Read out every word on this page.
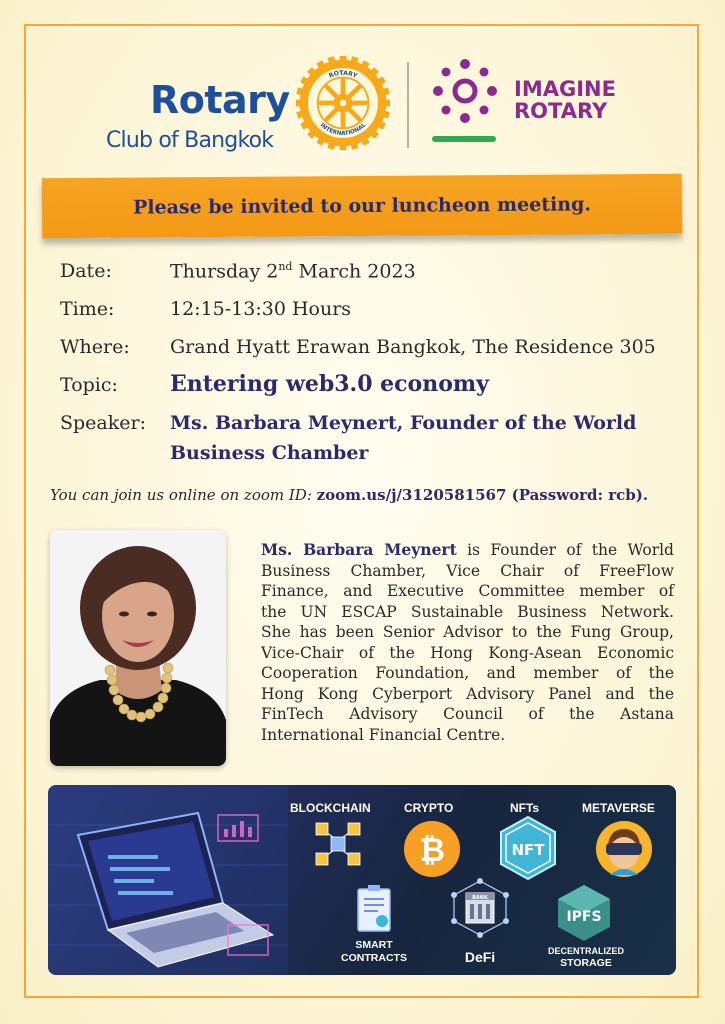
Rotary
Club of Bangkok
ROTARY
INTERNATIONAL
IMAGINE
ROTARY
Please be invited to our luncheon meeting.
Date:	Thursday 2nd March 2023
Time:	12:15-13:30 Hours
Where: Grand Hyatt Erawan Bangkok, The Residence 305
Topic: Entering web3.0 economy
Speaker: Ms. Barbara Meynert, Founder of the World
Business Chamber
You can join us online on zoom ID: zoom.us/j/3120581567 (Password: rcb).
Ms. Barbara Meynert is Founder of the World
Business Chamber, Vice Chair of FreeFlow
Finance, and Executive Committee member of
the UN ESCAP Sustainable Business Network.
She has been Senior Advisor to the Fung Group,
Vice-Chair of the Hong Kong-Asean Economic
Cooperation Foundation, and member of the
Hong Kong Cyberport Advisory Panel and the
FinTech Advisory Council of the Astana
International Financial Centre.
BLOCKCHAIN	CRYPTO
₿
NFTs
NFT
METAVERSE
SMART
CONTRACTS
BANK
DeFi
IPFS
DECENTRALIZED
STORAGE
